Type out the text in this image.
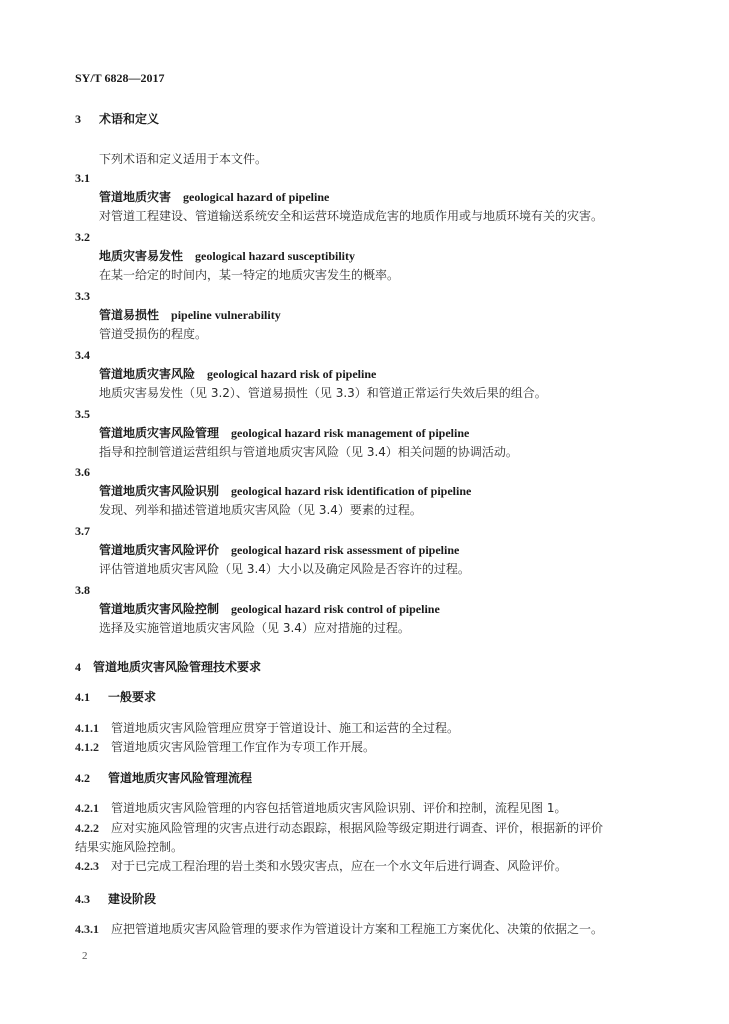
SY/T 6828—2017
3 术语和定义
下列术语和定义适用于本文件。
3.1
管道地质灾害 geological hazard of pipeline
对管道工程建设、管道输送系统安全和运营环境造成危害的地质作用或与地质环境有关的灾害。
3.2
地质灾害易发性 geological hazard susceptibility
在某一给定的时间内，某一特定的地质灾害发生的概率。
3.3
管道易损性 pipeline vulnerability
管道受损伤的程度。
3.4
管道地质灾害风险 geological hazard risk of pipeline
地质灾害易发性（见 3.2）、管道易损性（见 3.3）和管道正常运行失效后果的组合。
3.5
管道地质灾害风险管理 geological hazard risk management of pipeline
指导和控制管道运营组织与管道地质灾害风险（见 3.4）相关问题的协调活动。
3.6
管道地质灾害风险识别 geological hazard risk identification of pipeline
发现、列举和描述管道地质灾害风险（见 3.4）要素的过程。
3.7
管道地质灾害风险评价 geological hazard risk assessment of pipeline
评估管道地质灾害风险（见 3.4）大小以及确定风险是否容许的过程。
3.8
管道地质灾害风险控制 geological hazard risk control of pipeline
选择及实施管道地质灾害风险（见 3.4）应对措施的过程。
4 管道地质灾害风险管理技术要求
4.1 一般要求
4.1.1 管道地质灾害风险管理应贯穿于管道设计、施工和运营的全过程。
4.1.2 管道地质灾害风险管理工作宜作为专项工作开展。
4.2 管道地质灾害风险管理流程
4.2.1 管道地质灾害风险管理的内容包括管道地质灾害风险识别、评价和控制，流程见图 1。
4.2.2 应对实施风险管理的灾害点进行动态跟踪，根据风险等级定期进行调查、评价，根据新的评价
结果实施风险控制。
4.2.3 对于已完成工程治理的岩土类和水毁灾害点，应在一个水文年后进行调查、风险评价。
4.3 建设阶段
4.3.1 应把管道地质灾害风险管理的要求作为管道设计方案和工程施工方案优化、决策的依据之一。
2
